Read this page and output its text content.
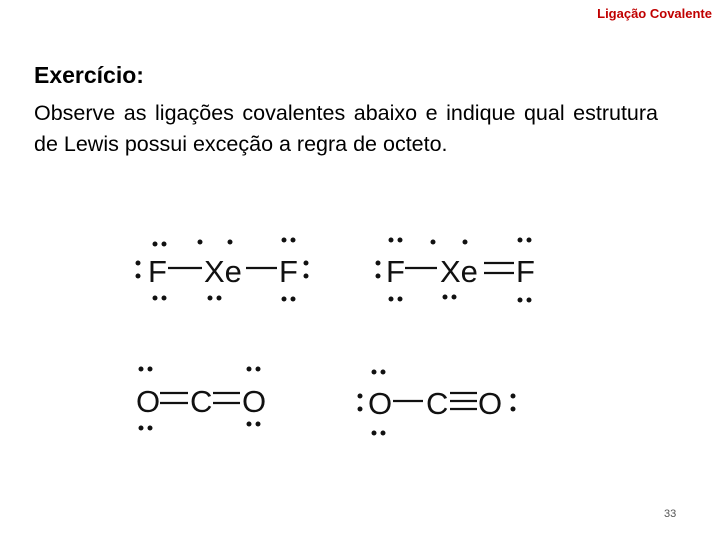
Ligação Covalente
Exercício:
Observe as ligações covalentes abaixo e indique qual estrutura de Lewis possui exceção a regra de octeto.
F Xe F	F Xe F
O C O	O C O
33
